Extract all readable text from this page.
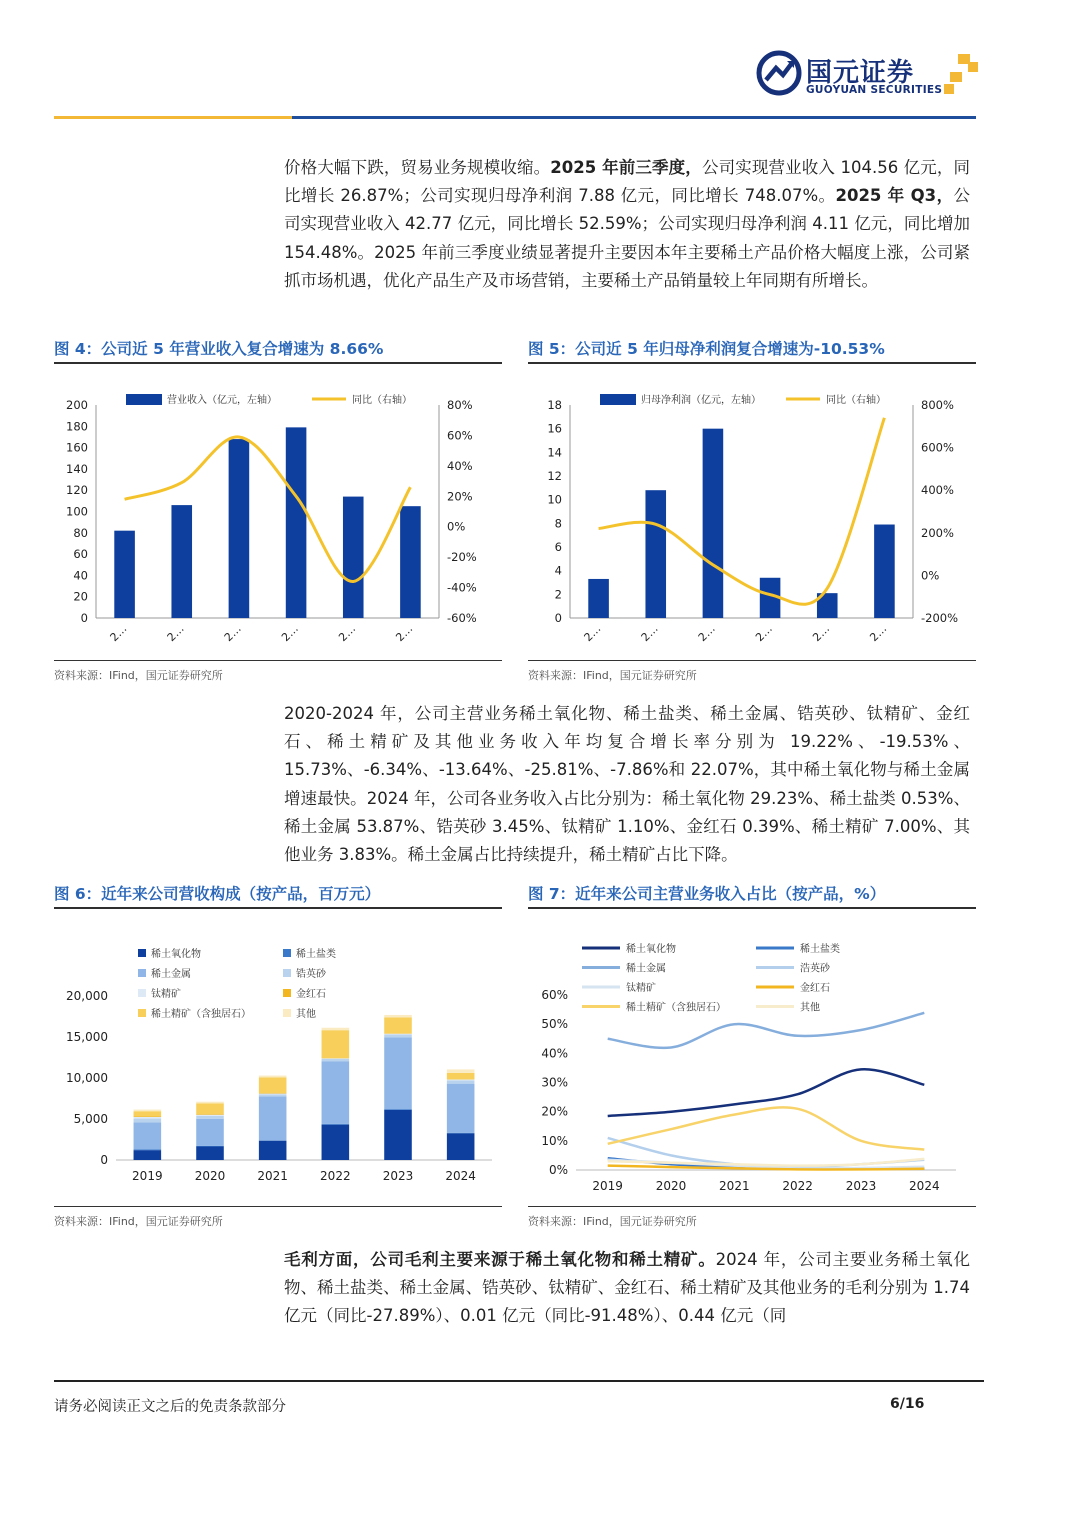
国元证券
GUOYUAN SECURITIES
价格大幅下跌，贸易业务规模收缩。2025 年前三季度，公司实现营业收入 104.56 亿元，同比增长 26.87%；公司实现归母净利润 7.88 亿元，同比增长 748.07%。2025 年 Q3，公司实现营业收入 42.77 亿元，同比增长 52.59%；公司实现归母净利润 4.11 亿元，同比增加 154.48%。2025 年前三季度业绩显著提升主要因本年主要稀土产品价格大幅度上涨，公司紧抓市场机遇，优化产品生产及市场营销，主要稀土产品销量较上年同期有所增长。
图 4：公司近 5 年营业收入复合增速为 8.66%
营业收入（亿元，左轴）	同比（右轴）
0
20
40
60
80
100
120
140
160
180
200
-60%
-40%
-20%
0%
20%
40%
60%
80%
2…	2…	2…	2…	2…	2…
资料来源：IFind，国元证券研究所
图 5：公司近 5 年归母净利润复合增速为-10.53%
归母净利润（亿元，左轴）	同比（右轴）
0
2
4
6
8
10
12
14
16
18
-200%
0%
200%
400%
600%
800%
2…	2…	2…	2…	2…	2…
资料来源：IFind，国元证券研究所
2020-2024 年，公司主营业务稀土氧化物、稀土盐类、稀土金属、锆英砂、钛精矿、金红石、稀土精矿及其他业务收入年均复合增长率分别为 19.22%、-19.53%、15.73%、-6.34%、-13.64%、-25.81%、-7.86%和 22.07%，其中稀土氧化物与稀土金属增速最快。2024 年，公司各业务收入占比分别为：稀土氧化物 29.23%、稀土盐类 0.53%、稀土金属 53.87%、锆英砂 3.45%、钛精矿 1.10%、金红石 0.39%、稀土精矿 7.00%、其他业务 3.83%。稀土金属占比持续提升，稀土精矿占比下降。
图 6：近年来公司营收构成（按产品，百万元）
稀土氧化物	稀土盐类
稀土金属	锆英砂
钛精矿	金红石
稀土精矿（含独居石）	其他
0
5,000
10,000
15,000
20,000
2019	2020	2021	2022	2023	2024
资料来源：IFind，国元证券研究所
图 7：近年来公司主营业务收入占比（按产品，%）
稀土氧化物	稀土盐类
稀土金属	浩英砂
钛精矿	金红石
稀土精矿（含独居石）	其他
0%
10%
20%
30%
40%
50%
60%
2019	2020	2021	2022	2023	2024
资料来源：IFind，国元证券研究所
毛利方面，公司毛利主要来源于稀土氧化物和稀土精矿。2024 年，公司主要业务稀土氧化物、稀土盐类、稀土金属、锆英砂、钛精矿、金红石、稀土精矿及其他业务的毛利分别为 1.74 亿元（同比-27.89%）、0.01 亿元（同比-91.48%）、0.44 亿元（同
请务必阅读正文之后的免责条款部分	6/16
